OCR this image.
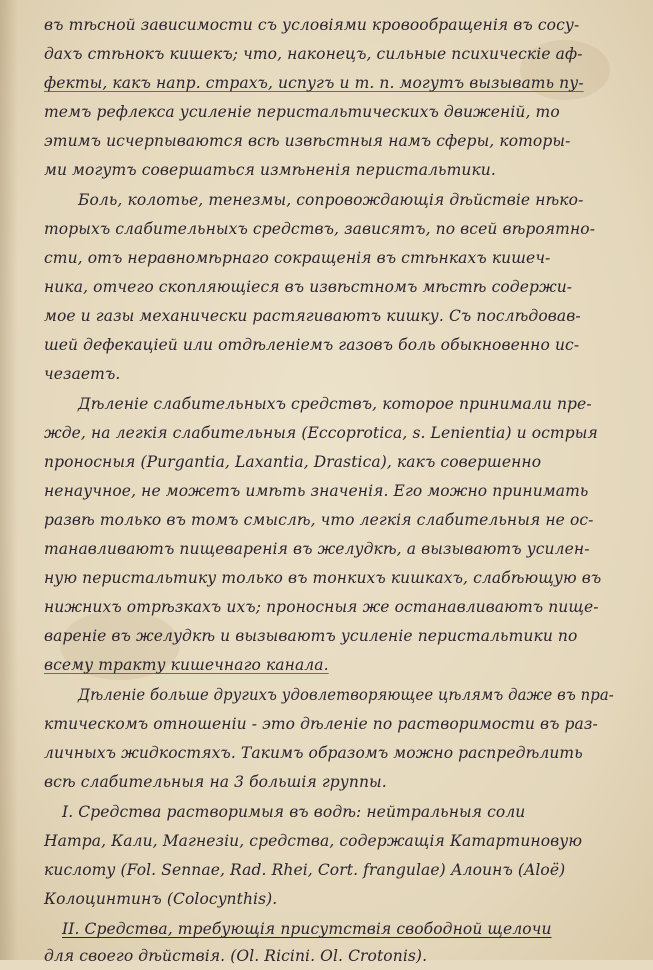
въ тѣсной зависимости съ условіями кровообращенія въ сосу-
дахъ стѣнокъ кишекъ; что, наконецъ, сильные психическіе аф-
фекты, какъ напр. страхъ, испугъ и т. п. могутъ вызывать пу-
темъ рефлекса усиленіе перистальтическихъ движеній, то
этимъ исчерпываются всѣ извѣстныя намъ сферы, которы-
ми могутъ совершаться измѣненія перистальтики.
Боль, колотье, тенезмы, сопровождающія дѣйствіе нѣко-
торыхъ слабительныхъ средствъ, зависятъ, по всей вѣроятно-
сти, отъ неравномѣрнаго сокращенія въ стѣнкахъ кишеч-
ника, отчего скопляющіеся въ извѣстномъ мѣстѣ содержи-
мое и газы механически растягиваютъ кишку. Съ послѣдовав-
шей дефекаціей или отдѣленіемъ газовъ боль обыкновенно ис-
чезаетъ.
Дѣленіе слабительныхъ средствъ, которое принимали пре-
жде, на легкія слабительныя (Eccoprotica, s. Lenientia) и острыя
проносныя (Purgantia, Laxantia, Drastica), какъ совершенно
ненаучное, не можетъ имѣть значенія. Его можно принимать
развѣ только въ томъ смыслѣ, что легкія слабительныя не ос-
танавливаютъ пищеваренія въ желудкѣ, а вызываютъ усилен-
ную перистальтику только въ тонкихъ кишкахъ, слабѣющую въ
нижнихъ отрѣзкахъ ихъ; проносныя же останавливаютъ пище-
вареніе въ желудкѣ и вызываютъ усиленіе перистальтики по
всему тракту кишечнаго канала.
Дѣленіе больше другихъ удовлетворяющее цѣлямъ даже въ пра-
ктическомъ отношеніи - это дѣленіе по растворимости въ раз-
личныхъ жидкостяхъ. Такимъ образомъ можно распредѣлить
всѣ слабительныя на 3 большія группы.
I. Средства растворимыя въ водѣ: нейтральныя соли
Натра, Кали, Магнезіи, средства, содержащія Катартиновую
кислоту (Fol. Sennae, Rad. Rhei, Cort. frangulae) Алоинъ (Aloë)
Колоцинтинъ (Colocynthis).
II. Средства, требующія присутствія свободной щелочи
для своего дѣйствія. (Ol. Ricini. Ol. Crotonis).
